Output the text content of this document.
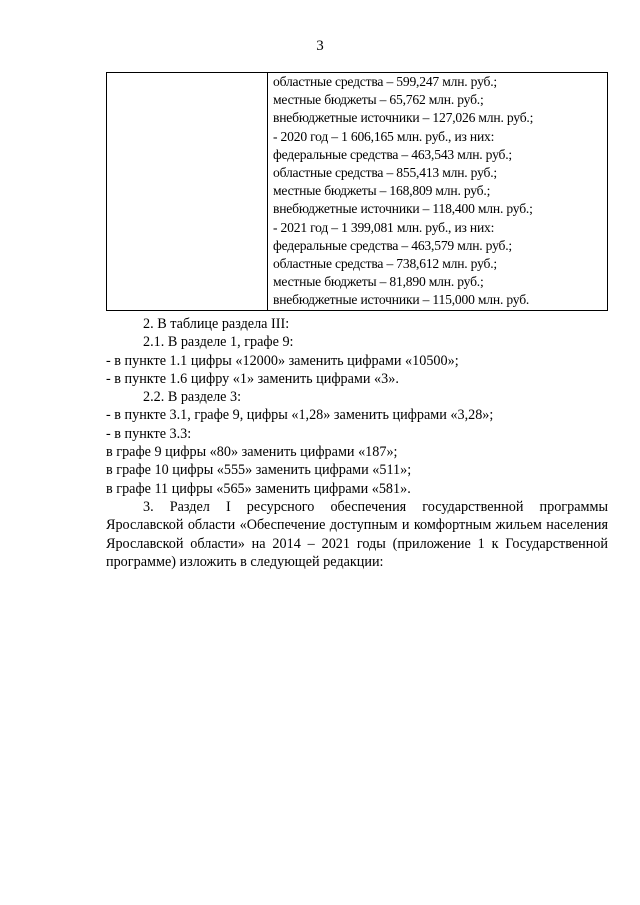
3

областные средства – 599,247 млн. руб.;
местные бюджеты – 65,762 млн. руб.;
внебюджетные источники – 127,026 млн. руб.;
- 2020 год – 1 606,165 млн. руб., из них:
федеральные средства – 463,543 млн. руб.;
областные средства – 855,413 млн. руб.;
местные бюджеты – 168,809 млн. руб.;
внебюджетные источники – 118,400 млн. руб.;
- 2021 год – 1 399,081 млн. руб., из них:
федеральные средства – 463,579 млн. руб.;
областные средства – 738,612 млн. руб.;
местные бюджеты – 81,890 млн. руб.;
внебюджетные источники – 115,000 млн. руб.
2. В таблице раздела III:
2.1. В разделе 1, графе 9:
- в пункте 1.1 цифры «12000» заменить цифрами «10500»;
- в пункте 1.6 цифру «1» заменить цифрами «3».
2.2. В разделе 3:
- в пункте 3.1, графе 9, цифры «1,28» заменить цифрами «3,28»;
- в пункте 3.3:
в графе 9 цифры «80» заменить цифрами «187»;
в графе 10 цифры «555» заменить цифрами «511»;
в графе 11 цифры «565» заменить цифрами «581».
3. Раздел I ресурсного обеспечения государственной программы Ярославской области «Обеспечение доступным и комфортным жильем населения Ярославской области» на 2014 – 2021 годы (приложение 1 к Государственной программе) изложить в следующей редакции:
